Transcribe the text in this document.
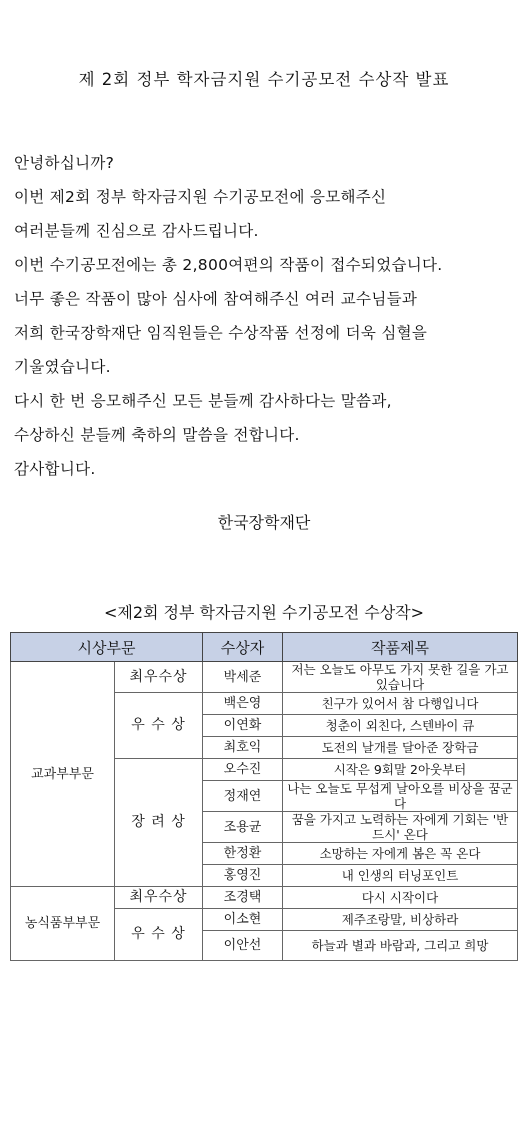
제 2회 정부 학자금지원 수기공모전 수상작 발표
안녕하십니까?
이번 제2회 정부 학자금지원 수기공모전에 응모해주신
여러분들께 진심으로 감사드립니다.
이번 수기공모전에는 총 2,800여편의 작품이 접수되었습니다.
너무 좋은 작품이 많아 심사에 참여해주신 여러 교수님들과
저희 한국장학재단 임직원들은 수상작품 선정에 더욱 심혈을
기울였습니다.
다시 한 번 응모해주신 모든 분들께 감사하다는 말씀과,
수상하신 분들께 축하의 말씀을 전합니다.
감사합니다.
한국장학재단
<제2회 정부 학자금지원 수기공모전 수상작>
시상부문		수상자	작품제목
교과부부문	최우수상	박세준	저는 오늘도 아무도 가지 못한 길을 가고 있습니다
	우 수 상	백은영	친구가 있어서 참 다행입니다
		이연화	청춘이 외친다, 스텐바이 큐
		최호익	도전의 날개를 달아준 장학금
	장 려 상	오수진	시작은 9회말 2아웃부터
		정재연	나는 오늘도 무섭게 날아오를 비상을 꿈군다
		조용균	꿈을 가지고 노력하는 자에게 기회는 '반드시' 온다
		한정환	소망하는 자에게 봄은 꼭 온다
		홍영진	내 인생의 터닝포인트
농식품부부문	최우수상	조경택	다시 시작이다
	우 수 상	이소현	제주조랑말, 비상하라
		이안선	하늘과 별과 바람과, 그리고 희망
